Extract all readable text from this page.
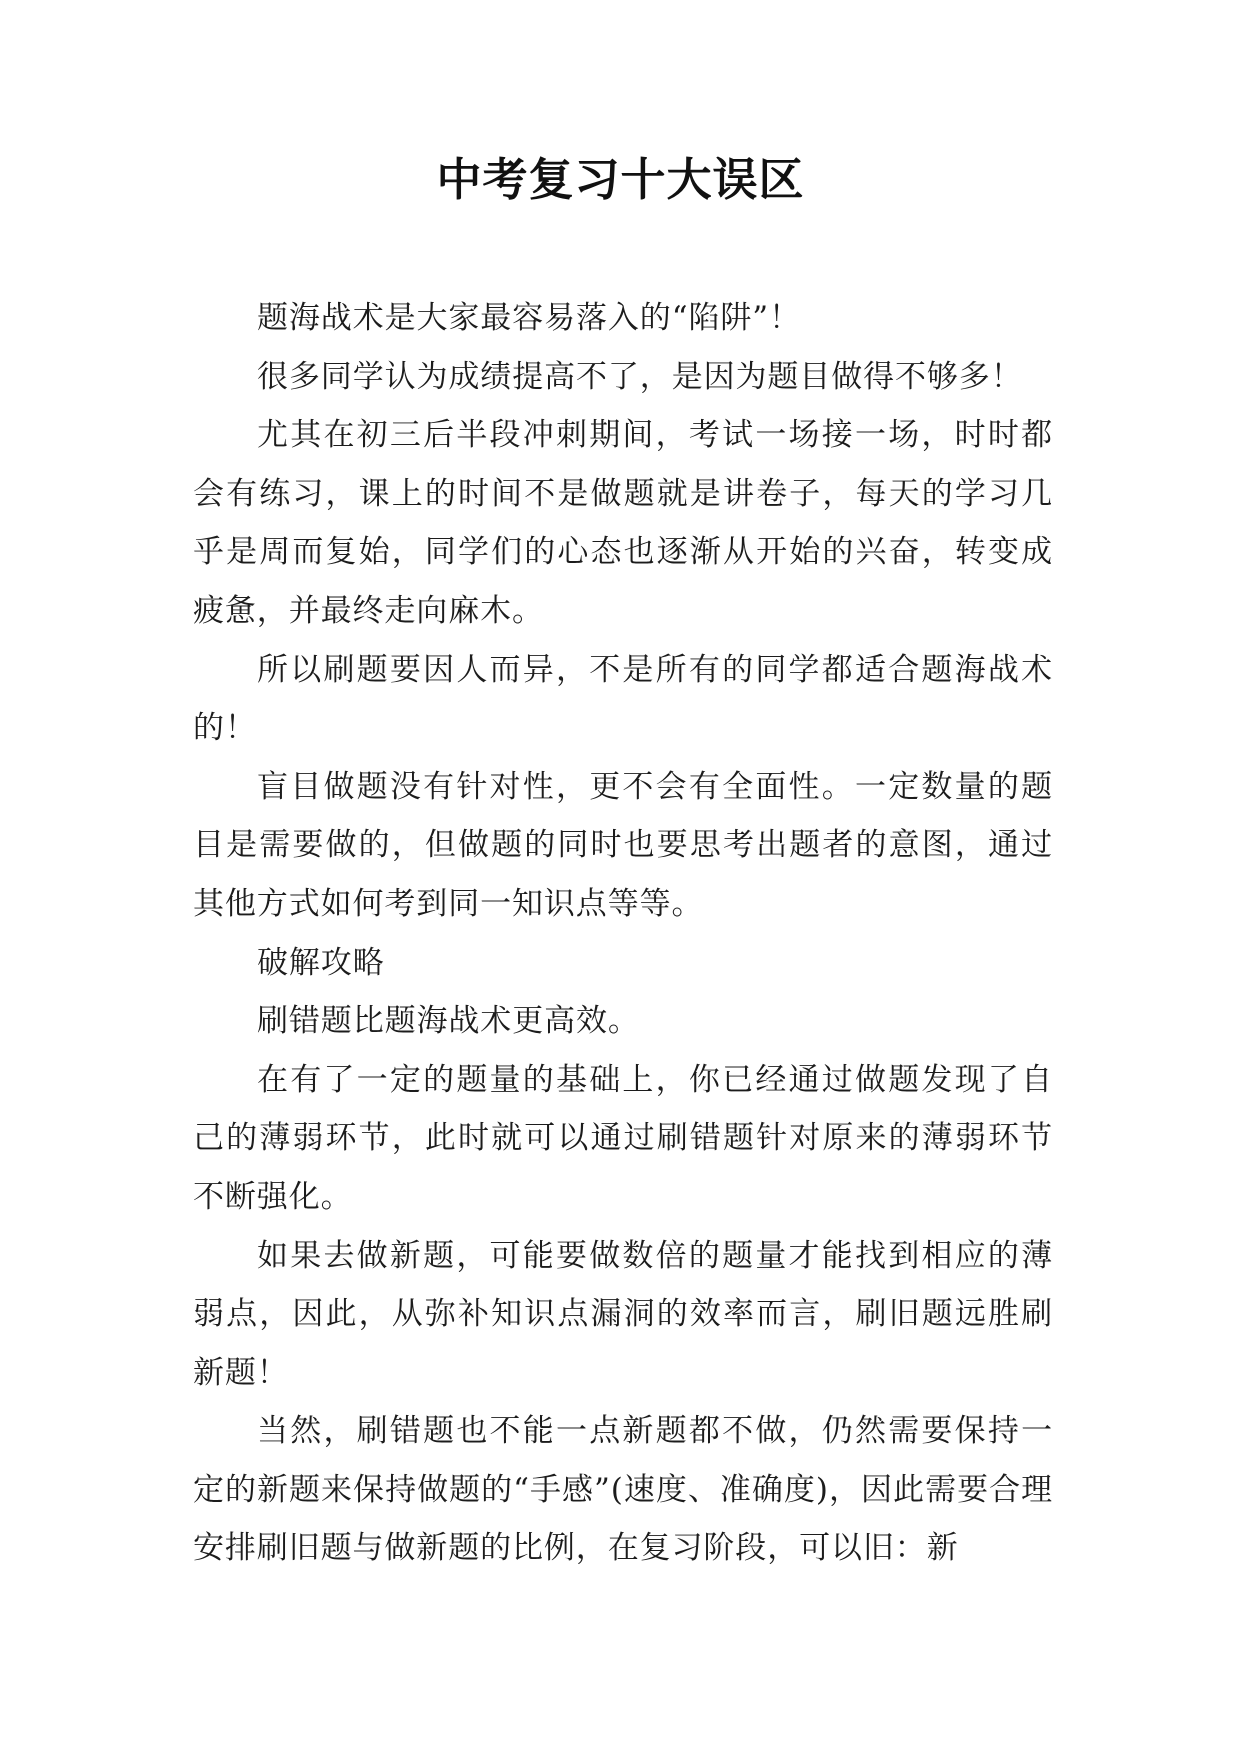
中考复习十大误区

题海战术是大家最容易落入的“陷阱”！

很多同学认为成绩提高不了，是因为题目做得不够多！

尤其在初三后半段冲刺期间，考试一场接一场，时时都会有练习，课上的时间不是做题就是讲卷子，每天的学习几乎是周而复始，同学们的心态也逐渐从开始的兴奋，转变成疲惫，并最终走向麻木。

所以刷题要因人而异，不是所有的同学都适合题海战术的！

盲目做题没有针对性，更不会有全面性。一定数量的题目是需要做的，但做题的同时也要思考出题者的意图，通过其他方式如何考到同一知识点等等。

破解攻略

刷错题比题海战术更高效。

在有了一定的题量的基础上，你已经通过做题发现了自己的薄弱环节，此时就可以通过刷错题针对原来的薄弱环节不断强化。

如果去做新题，可能要做数倍的题量才能找到相应的薄弱点，因此，从弥补知识点漏洞的效率而言，刷旧题远胜刷新题！

当然，刷错题也不能一点新题都不做，仍然需要保持一定的新题来保持做题的“手感”(速度、准确度)，因此需要合理安排刷旧题与做新题的比例，在复习阶段，可以旧：新
